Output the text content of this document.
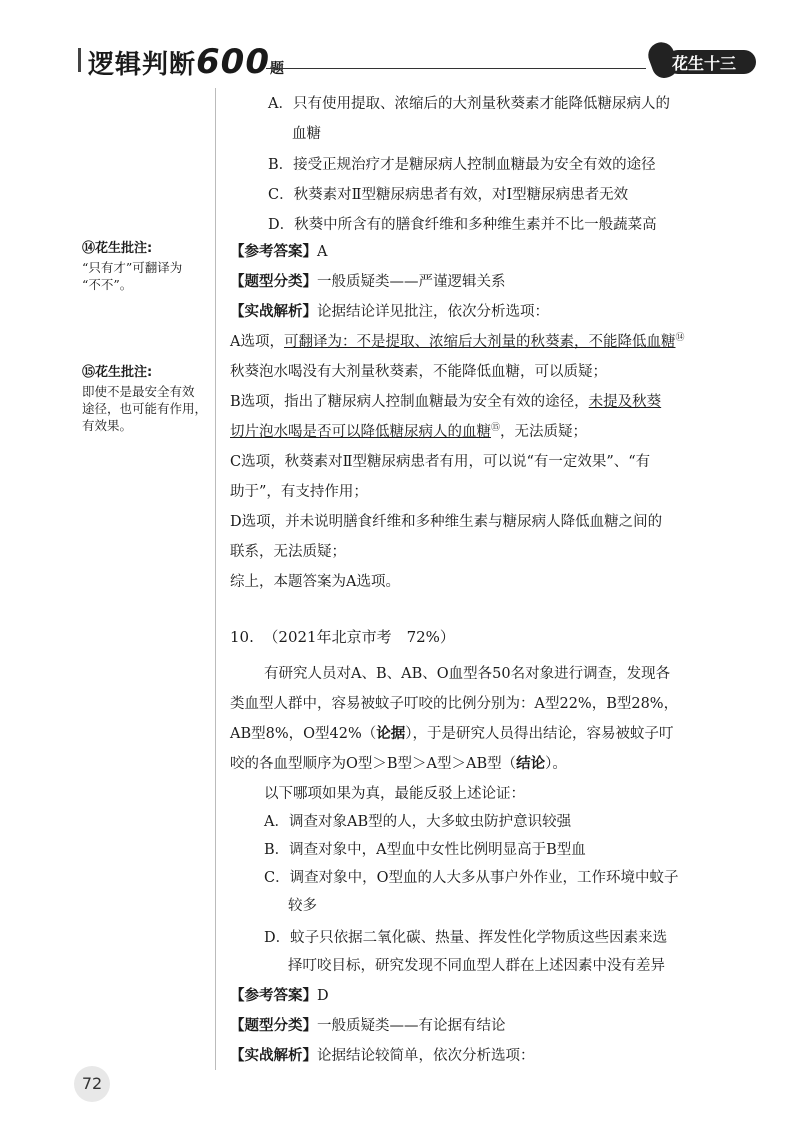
逻辑判断600题	花生十三
⑭花生批注:
“只有才”可翻译为
“不不”。
⑮花生批注:
即使不是最安全有效
途径，也可能有作用，
有效果。
A．只有使用提取、浓缩后的大剂量秋葵素才能降低糖尿病人的
血糖
B．接受正规治疗才是糖尿病人控制血糖最为安全有效的途径
C．秋葵素对Ⅱ型糖尿病患者有效，对Ⅰ型糖尿病患者无效
D．秋葵中所含有的膳食纤维和多种维生素并不比一般蔬菜高
【参考答案】A
【题型分类】一般质疑类——严谨逻辑关系
【实战解析】论据结论详见批注，依次分析选项：
A选项，可翻译为：不是提取、浓缩后大剂量的秋葵素，不能降低血糖⑭
秋葵泡水喝没有大剂量秋葵素，不能降低血糖，可以质疑；
B选项，指出了糖尿病人控制血糖最为安全有效的途径，未提及秋葵
切片泡水喝是否可以降低糖尿病人的血糖⑮，无法质疑；
C选项，秋葵素对Ⅱ型糖尿病患者有用，可以说“有一定效果”、“有
助于”，有支持作用；
D选项，并未说明膳食纤维和多种维生素与糖尿病人降低血糖之间的
联系，无法质疑；
综上，本题答案为A选项。
10. （2021年北京市考　72%）
有研究人员对A、B、AB、O血型各50名对象进行调查，发现各
类血型人群中，容易被蚊子叮咬的比例分别为：A型22%，B型28%，
AB型8%，O型42%（论据），于是研究人员得出结论，容易被蚊子叮
咬的各血型顺序为O型＞B型＞A型＞AB型（结论）。
以下哪项如果为真，最能反驳上述论证：
A．调查对象AB型的人，大多蚊虫防护意识较强
B．调查对象中，A型血中女性比例明显高于B型血
C．调查对象中，O型血的人大多从事户外作业，工作环境中蚊子
较多
D．蚊子只依据二氧化碳、热量、挥发性化学物质这些因素来选
择叮咬目标，研究发现不同血型人群在上述因素中没有差异
【参考答案】D
【题型分类】一般质疑类——有论据有结论
【实战解析】论据结论较简单，依次分析选项：
72
